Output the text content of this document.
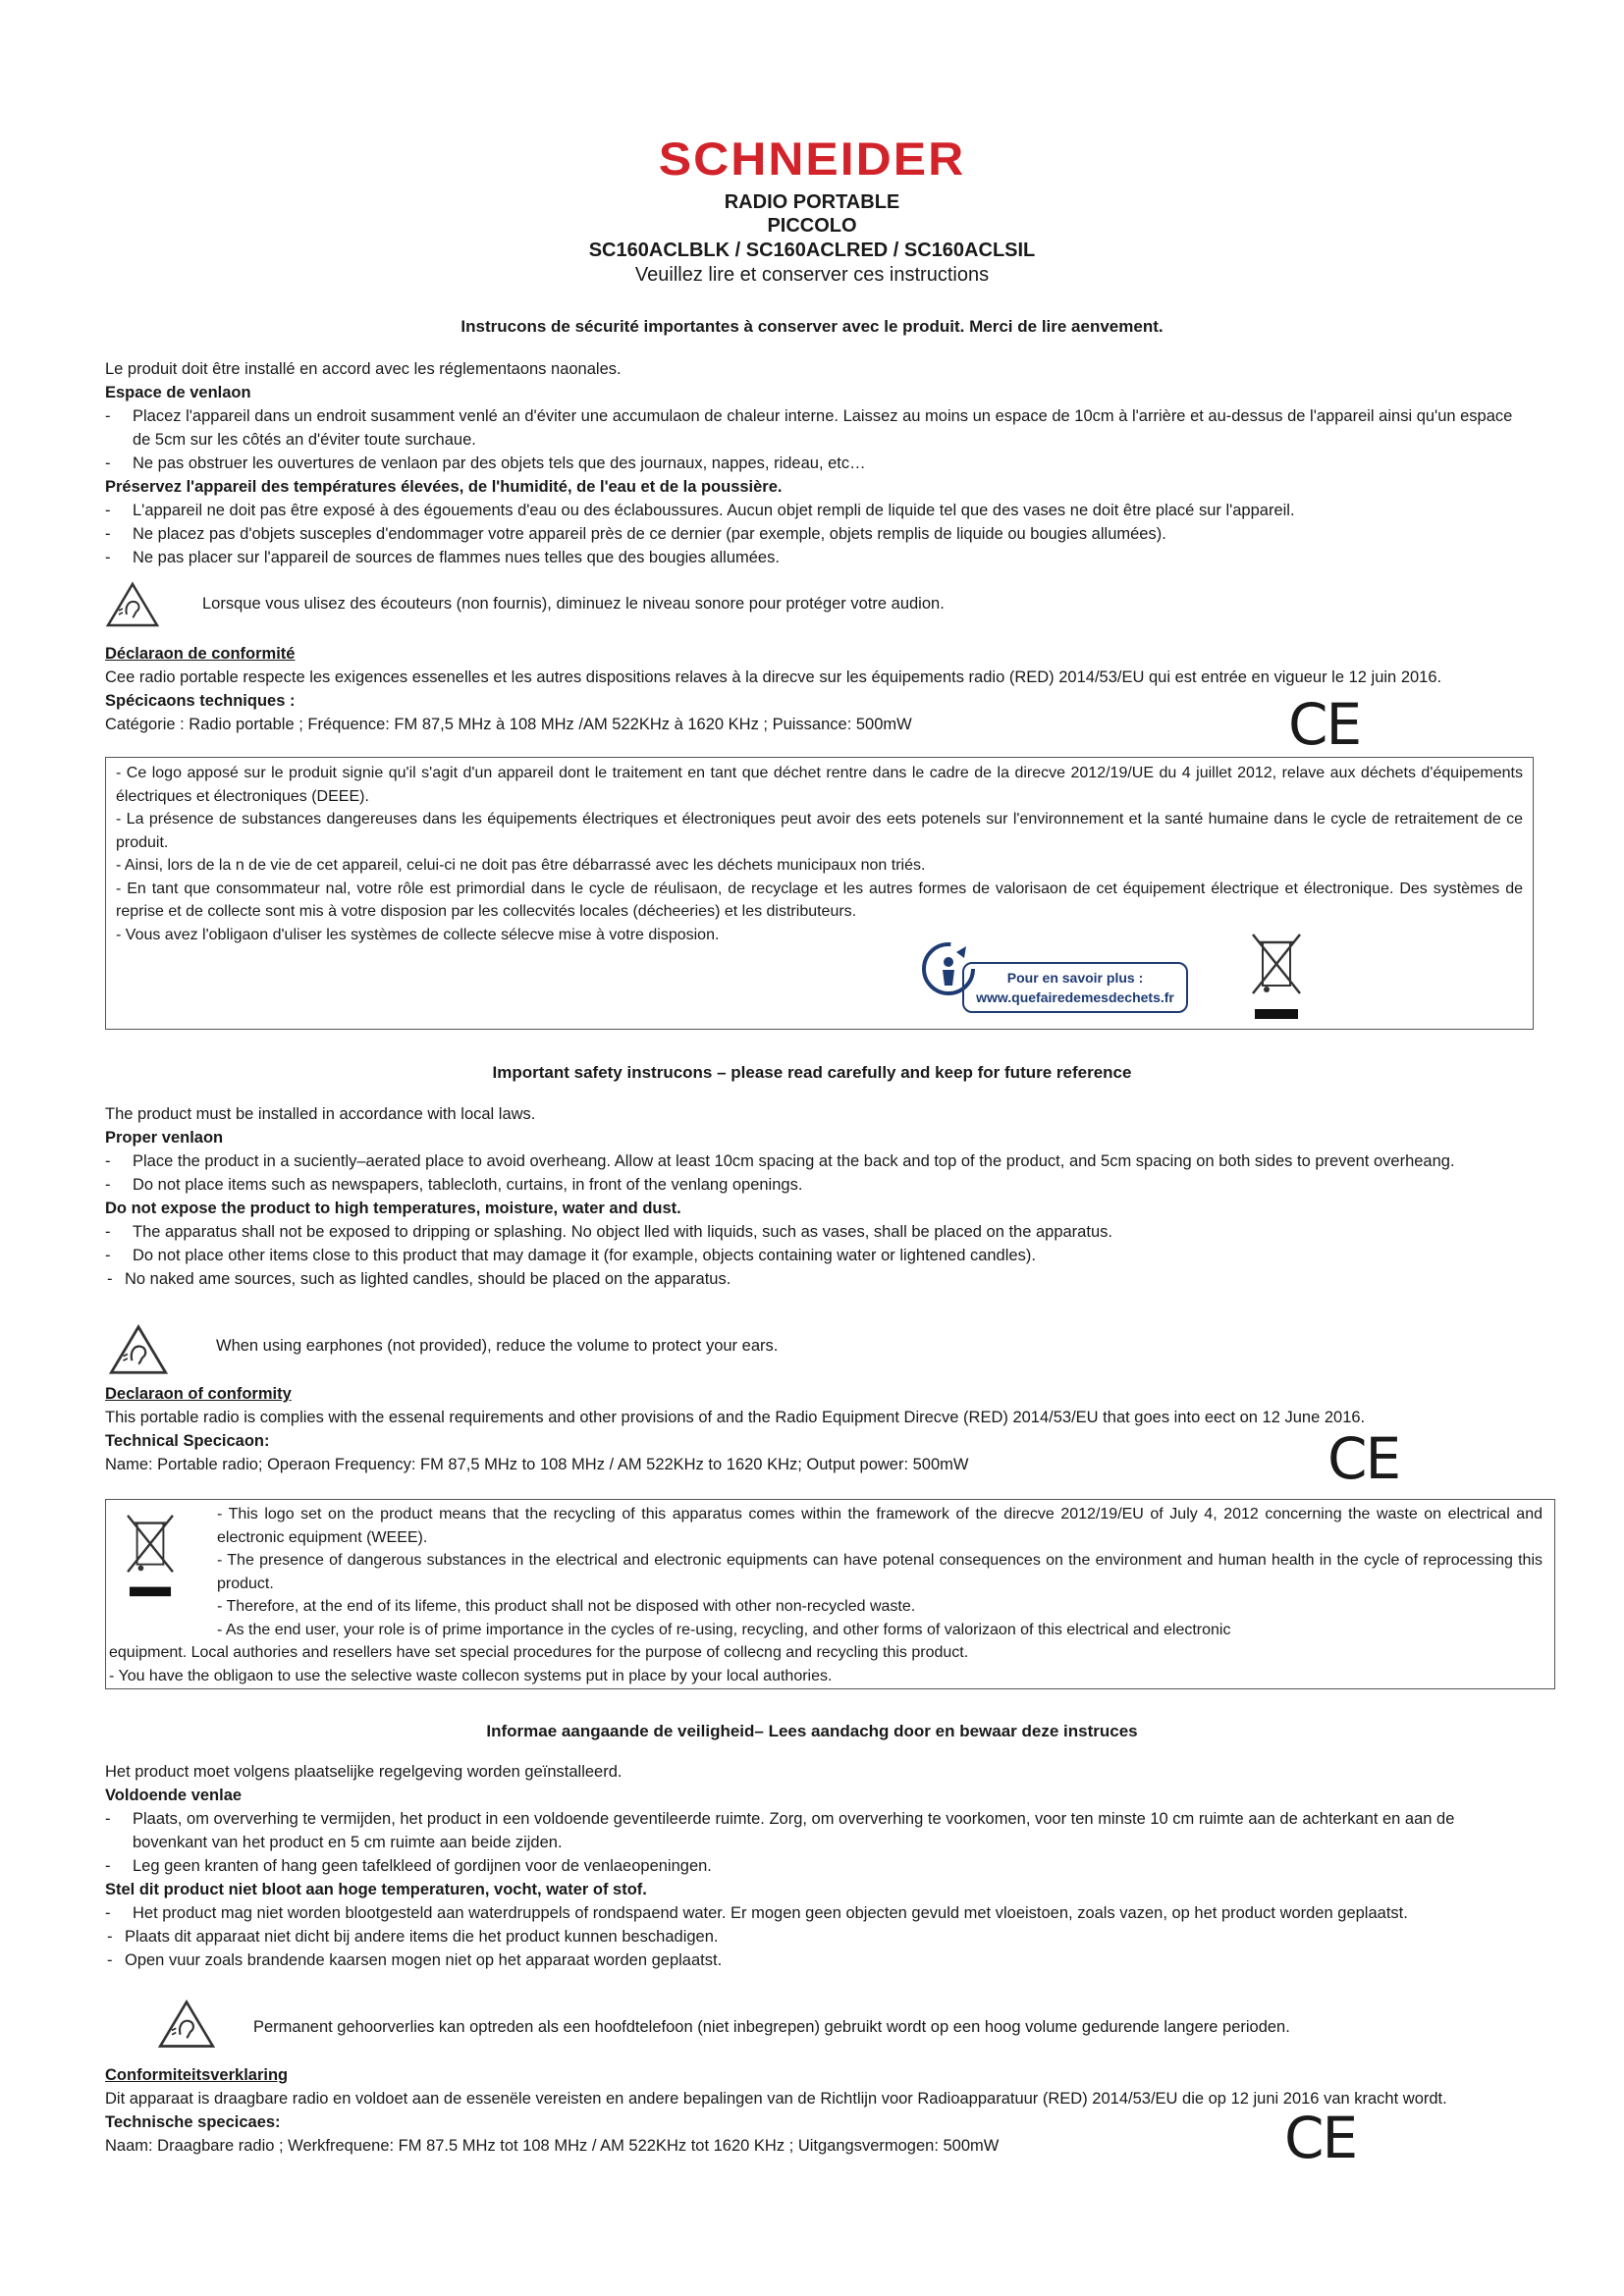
SCHNEIDER
RADIO PORTABLE
PICCOLO
SC160ACLBLK / SC160ACLRED / SC160ACLSIL
Veuillez lire et conserver ces instructions
Instrucons de sécurité importantes à conserver avec le produit. Merci de lire aenvement.

Le produit doit être installé en accord avec les réglementaons naonales.

Espace de venlaon

- Placez l'appareil dans un endroit susamment venlé an d'éviter une accumulaon de chaleur interne. Laissez au moins un espace de 10cm à l'arrière et au-dessus de l'appareil ainsi qu'un espace de 5cm sur les côtés an d'éviter toute surchaue.

- Ne pas obstruer les ouvertures de venlaon par des objets tels que des journaux, nappes, rideau, etc…

Préservez l'appareil des températures élevées, de l'humidité, de l'eau et de la poussière.

- L'appareil ne doit pas être exposé à des égouements d'eau ou des éclaboussures. Aucun objet rempli de liquide tel que des vases ne doit être placé sur l'appareil.

- Ne placez pas d'objets susceples d'endommager votre appareil près de ce dernier (par exemple, objets remplis de liquide ou bougies allumées).

- Ne pas placer sur l'appareil de sources de flammes nues telles que des bougies allumées.

Lorsque vous ulisez des écouteurs (non fournis), diminuez le niveau sonore pour protéger votre audion.

Déclaraon de conformité

Cee radio portable respecte les exigences essenelles et les autres dispositions relaves à la direcve sur les équipements radio (RED) 2014/53/EU qui est entrée en vigueur le 12 juin 2016.

Spécicaons techniques :

Catégorie : Radio portable ; Fréquence: FM 87,5 MHz à 108 MHz /AM 522KHz à 1620 KHz ; Puissance: 500mW	CE

- Ce logo apposé sur le produit signie qu'il s'agit d'un appareil dont le traitement en tant que déchet rentre dans le cadre de la direcve 2012/19/UE du 4 juillet 2012, relave aux déchets d'équipements électriques et électroniques (DEEE).

- La présence de substances dangereuses dans les équipements électriques et électroniques peut avoir des eets potenels sur l'environnement et la santé humaine dans le cycle de retraitement de ce produit.

- Ainsi, lors de la n de vie de cet appareil, celui-ci ne doit pas être débarrassé avec les déchets municipaux non triés.

- En tant que consommateur nal, votre rôle est primordial dans le cycle de réulisaon, de recyclage et les autres formes de valorisaon de cet équipement électrique et électronique. Des systèmes de reprise et de collecte sont mis à votre disposion par les collecvités locales (décheeries) et les distributeurs.

- Vous avez l'obligaon d'uliser les systèmes de collecte sélecve mise à votre disposion.

Pour en savoir plus :
www.quefairedemesdechets.fr
Important safety instrucons – please read carefully and keep for future reference

The product must be installed in accordance with local laws.

Proper venlaon

- Place the product in a suciently–aerated place to avoid overheang. Allow at least 10cm spacing at the back and top of the product, and 5cm spacing on both sides to prevent overheang.

- Do not place items such as newspapers, tablecloth, curtains, in front of the venlang openings.

Do not expose the product to high temperatures, moisture, water and dust.

- The apparatus shall not be exposed to dripping or splashing. No object lled with liquids, such as vases, shall be placed on the apparatus.

- Do not place other items close to this product that may damage it (for example, objects containing water or lightened candles).

- No naked ame sources, such as lighted candles, should be placed on the apparatus.

When using earphones (not provided), reduce the volume to protect your ears.

Declaraon of conformity

This portable radio is complies with the essenal requirements and other provisions of and the Radio Equipment Direcve (RED) 2014/53/EU that goes into eect on 12 June 2016.

Technical Specicaon:

Name: Portable radio; Operaon Frequency: FM 87,5 MHz to 108 MHz / AM 522KHz to 1620 KHz; Output power: 500mW	CE

- This logo set on the product means that the recycling of this apparatus comes within the framework of the direcve 2012/19/EU of July 4, 2012 concerning the waste on electrical and electronic equipment (WEEE).

- The presence of dangerous substances in the electrical and electronic equipments can have potenal consequences on the environment and human health in the cycle of reprocessing this product.

- Therefore, at the end of its lifeme, this product shall not be disposed with other non-recycled waste.

- As the end user, your role is of prime importance in the cycles of re-using, recycling, and other forms of valorizaon of this electrical and electronic

equipment. Local authories and resellers have set special procedures for the purpose of collecng and recycling this product.

- You have the obligaon to use the selective waste collecon systems put in place by your local authories.

Informae aangaande de veiligheid– Lees aandachg door en bewaar deze instruces

Het product moet volgens plaatselijke regelgeving worden geïnstalleerd.

Voldoende venlae

- Plaats, om oververhing te vermijden, het product in een voldoende geventileerde ruimte. Zorg, om oververhing te voorkomen, voor ten minste 10 cm ruimte aan de achterkant en aan de bovenkant van het product en 5 cm ruimte aan beide zijden.

- Leg geen kranten of hang geen tafelkleed of gordijnen voor de venlaeopeningen.

Stel dit product niet bloot aan hoge temperaturen, vocht, water of stof.

- Het product mag niet worden blootgesteld aan waterdruppels of rondspaend water. Er mogen geen objecten gevuld met vloeistoen, zoals vazen, op het product worden geplaatst.

- Plaats dit apparaat niet dicht bij andere items die het product kunnen beschadigen.

- Open vuur zoals brandende kaarsen mogen niet op het apparaat worden geplaatst.

Permanent gehoorverlies kan optreden als een hoofdtelefoon (niet inbegrepen) gebruikt wordt op een hoog volume gedurende langere perioden.

Conformiteitsverklaring

Dit apparaat is draagbare radio en voldoet aan de essenële vereisten en andere bepalingen van de Richtlijn voor Radioapparatuur (RED) 2014/53/EU die op 12 juni 2016 van kracht wordt.

Technische specicaes:

Naam: Draagbare radio ; Werkfrequene: FM 87.5 MHz tot 108 MHz / AM 522KHz tot 1620 KHz ; Uitgangsvermogen: 500mW	CE
